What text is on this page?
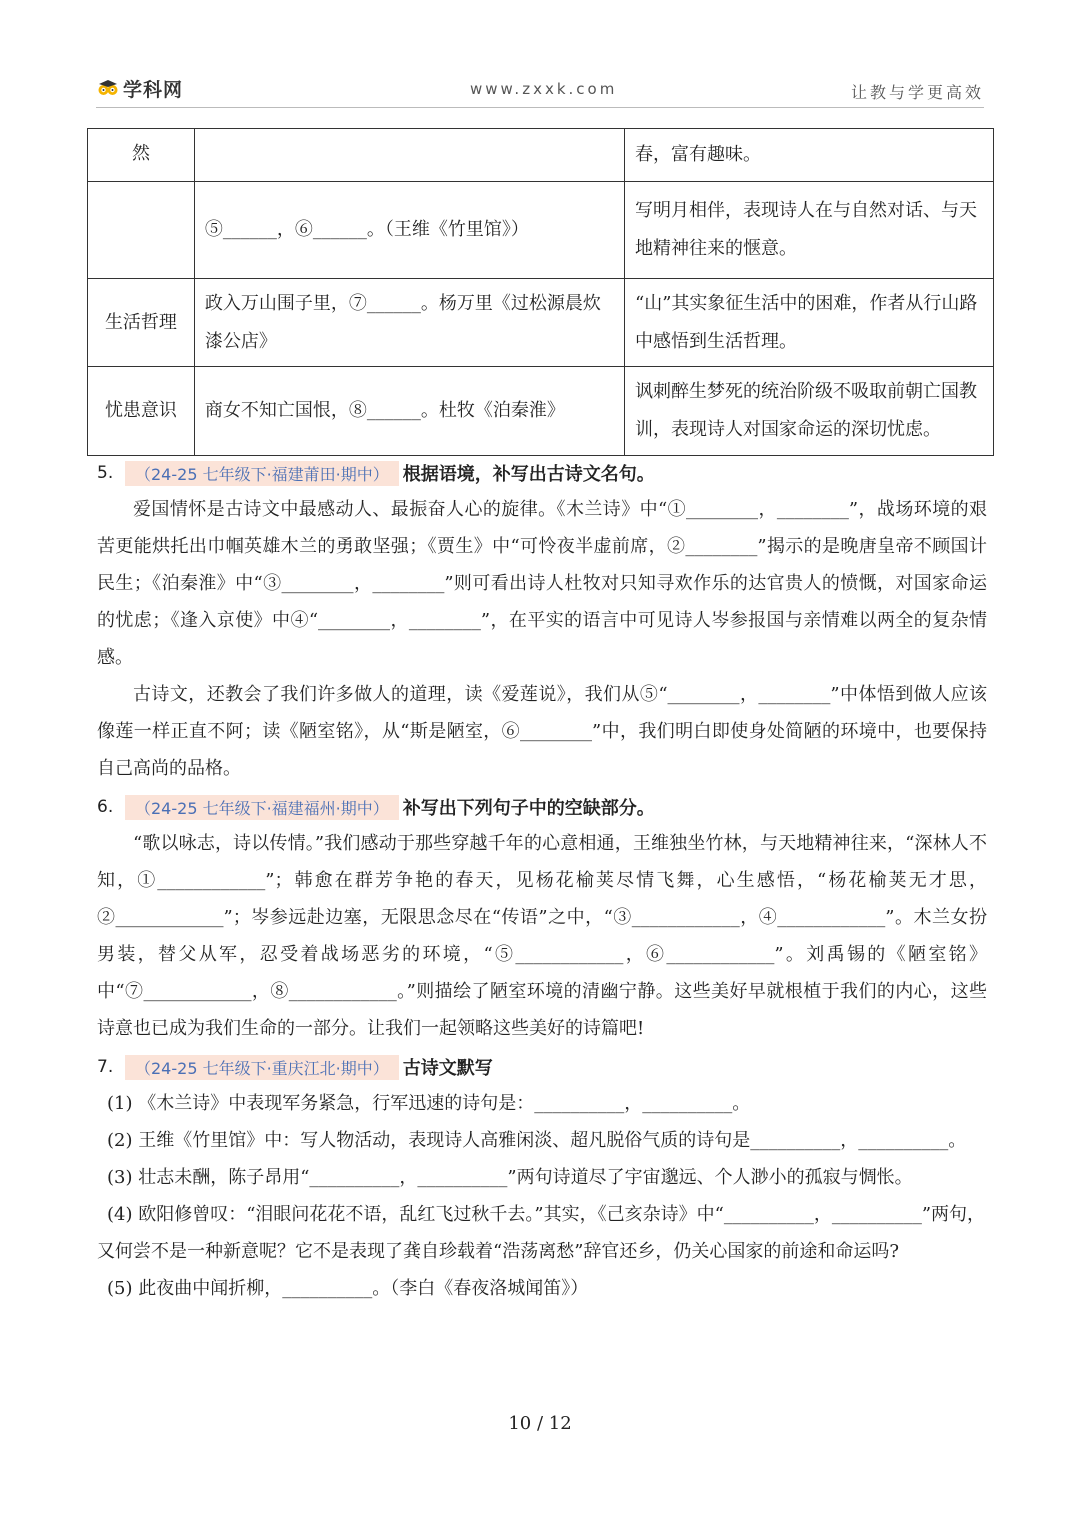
学科网	www.zxxk.com	让教与学更高效
然		春，富有趣味。
	⑤______，⑥______。（王维《竹里馆》）	写明月相伴，表现诗人在与自然对话、与天地精神往来的惬意。
生活哲理	政入万山围子里，⑦______。杨万里《过松源晨炊漆公店》	“山”其实象征生活中的困难，作者从行山路中感悟到生活哲理。
忧患意识	商女不知亡国恨，⑧______。杜牧《泊秦淮》	讽刺醉生梦死的统治阶级不吸取前朝亡国教训，表现诗人对国家命运的深切忧虑。
5.	（24-25 七年级下·福建莆田·期中） 根据语境，补写出古诗文名句。

爱国情怀是古诗文中最感动人、最振奋人心的旋律。《木兰诗》中“①________，________”，战场环境的艰苦更能烘托出巾帼英雄木兰的勇敢坚强；《贾生》中“可怜夜半虚前席，②________”揭示的是晚唐皇帝不顾国计民生；《泊秦淮》中“③________，________”则可看出诗人杜牧对只知寻欢作乐的达官贵人的愤慨，对国家命运的忧虑；《逢入京使》中④“________，________”，在平实的语言中可见诗人岑参报国与亲情难以两全的复杂情感。

古诗文，还教会了我们许多做人的道理，读《爱莲说》，我们从⑤“________，________”中体悟到做人应该像莲一样正直不阿；读《陋室铭》，从“斯是陋室，⑥________”中，我们明白即使身处简陋的环境中，也要保持自己高尚的品格。

6.	（24-25 七年级下·福建福州·期中） 补写出下列句子中的空缺部分。

“歌以咏志，诗以传情。”我们感动于那些穿越千年的心意相通，王维独坐竹林，与天地精神往来，“深林人不知，①____________”；韩愈在群芳争艳的春天，见杨花榆荚尽情飞舞，心生感悟，“杨花榆荚无才思，②____________”；岑参远赴边塞，无限思念尽在“传语”之中，“③____________，④____________”。木兰女扮男装，替父从军，忍受着战场恶劣的环境，“⑤____________，⑥____________”。刘禹锡的《陋室铭》中“⑦____________，⑧____________。”则描绘了陋室环境的清幽宁静。这些美好早就根植于我们的内心，这些诗意也已成为我们生命的一部分。让我们一起领略这些美好的诗篇吧!

7.	（24-25 七年级下·重庆江北·期中） 古诗文默写
(1) 《木兰诗》中表现军务紧急，行军迅速的诗句是：__________，__________。
(2) 王维《竹里馆》中：写人物活动，表现诗人高雅闲淡、超凡脱俗气质的诗句是__________，__________。
(3) 壮志未酬，陈子昂用“__________，__________”两句诗道尽了宇宙邈远、个人渺小的孤寂与惆怅。
(4) 欧阳修曾叹：“泪眼问花花不语，乱红飞过秋千去。”其实，《己亥杂诗》中“__________，__________”两句，又何尝不是一种新意呢？它不是表现了龚自珍载着“浩荡离愁”辞官还乡，仍关心国家的前途和命运吗?
(5) 此夜曲中闻折柳，__________。（李白《春夜洛城闻笛》）
10 / 12
